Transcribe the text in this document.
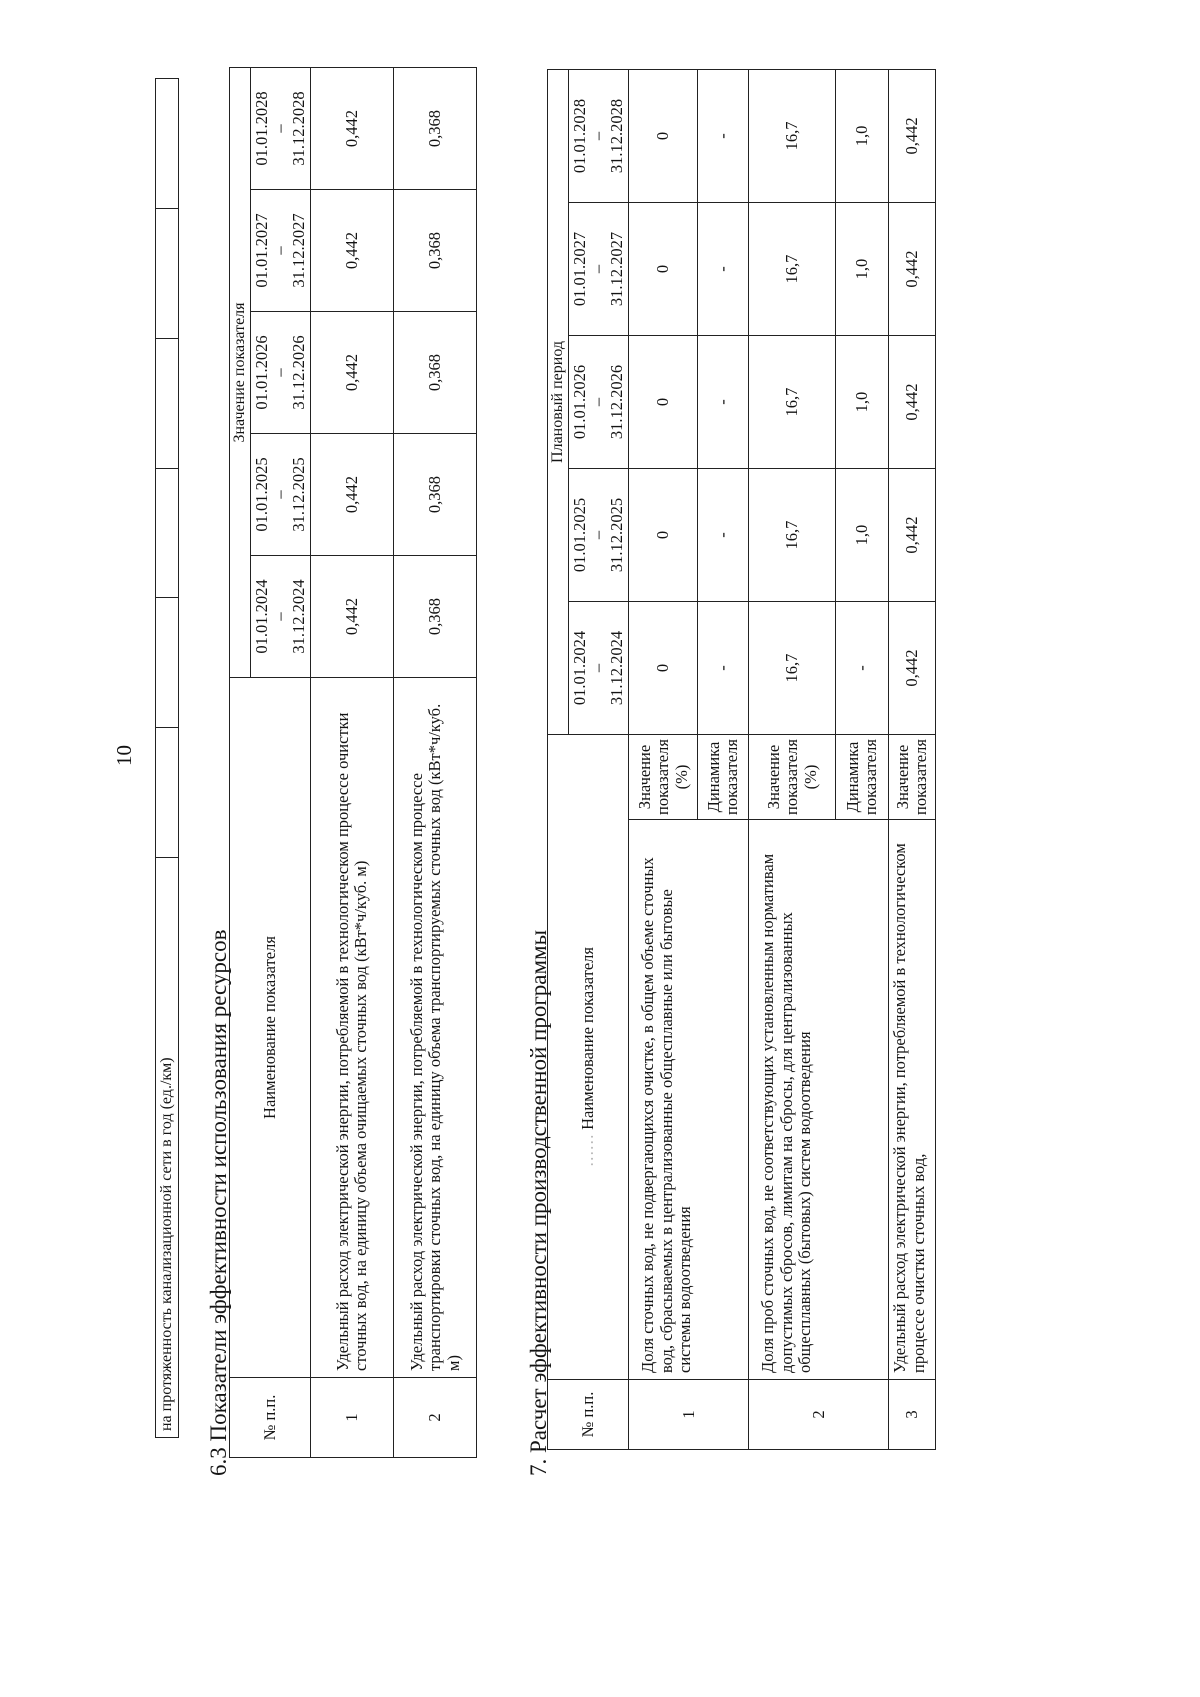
10
на протяженность канализационной сети в год (ед./км)						6.3 Показатели эффективности использования ресурсов № п.п.	Наименование показателя	Значение показателя				

		01.01.2024 – 31.12.2024	01.01.2025 – 31.12.2025	01.01.2026 – 31.12.2026	01.01.2027 – 31.12.2027	01.01.2028 – 31.12.2028

1	Удельный расход электрической энергии, потребляемой в технологическом процессе очистки сточных вод, на единицу объема очищаемых сточных вод (кВт*ч/куб. м)	0,442	0,442	0,442	0,442	0,442
2	Удельный расход электрической энергии, потребляемой в технологическом процессе транспортировки сточных вод, на единицу объема транспортируемых сточных вод (кВт*ч/куб. м)	0,368	0,368	0,368	0,368	0,368
7. Расчет эффективности производственной программы № п.п.	…… Наименование показателя		Плановый период				

			01.01.2024 – 31.12.2024	01.01.2025 – 31.12.2025	01.01.2026 – 31.12.2026	01.01.2027 – 31.12.2027	01.01.2028 – 31.12.2028

1	Доля сточных вод, не подвергающихся очистке, в общем объеме сточных вод, сбрасываемых в централизованные общесплавные или бытовые системы водоотведения	Значение показателя (%)	0	0	0	0	0
		Динамика показателя	-	-	-	-	-
2	Доля проб сточных вод, не соответствующих установленным нормативам допустимых сбросов, лимитам на сбросы, для централизованных общесплавных (бытовых) систем водоотведения	Значение показателя (%)	16,7	16,7	16,7	16,7	16,7
		Динамика показателя	-	1,0	1,0	1,0	1,0
3	Удельный расход электрической энергии, потребляемой в технологическом процессе очистки сточных вод,	Значение показателя	0,442	0,442	0,442	0,442	0,442
